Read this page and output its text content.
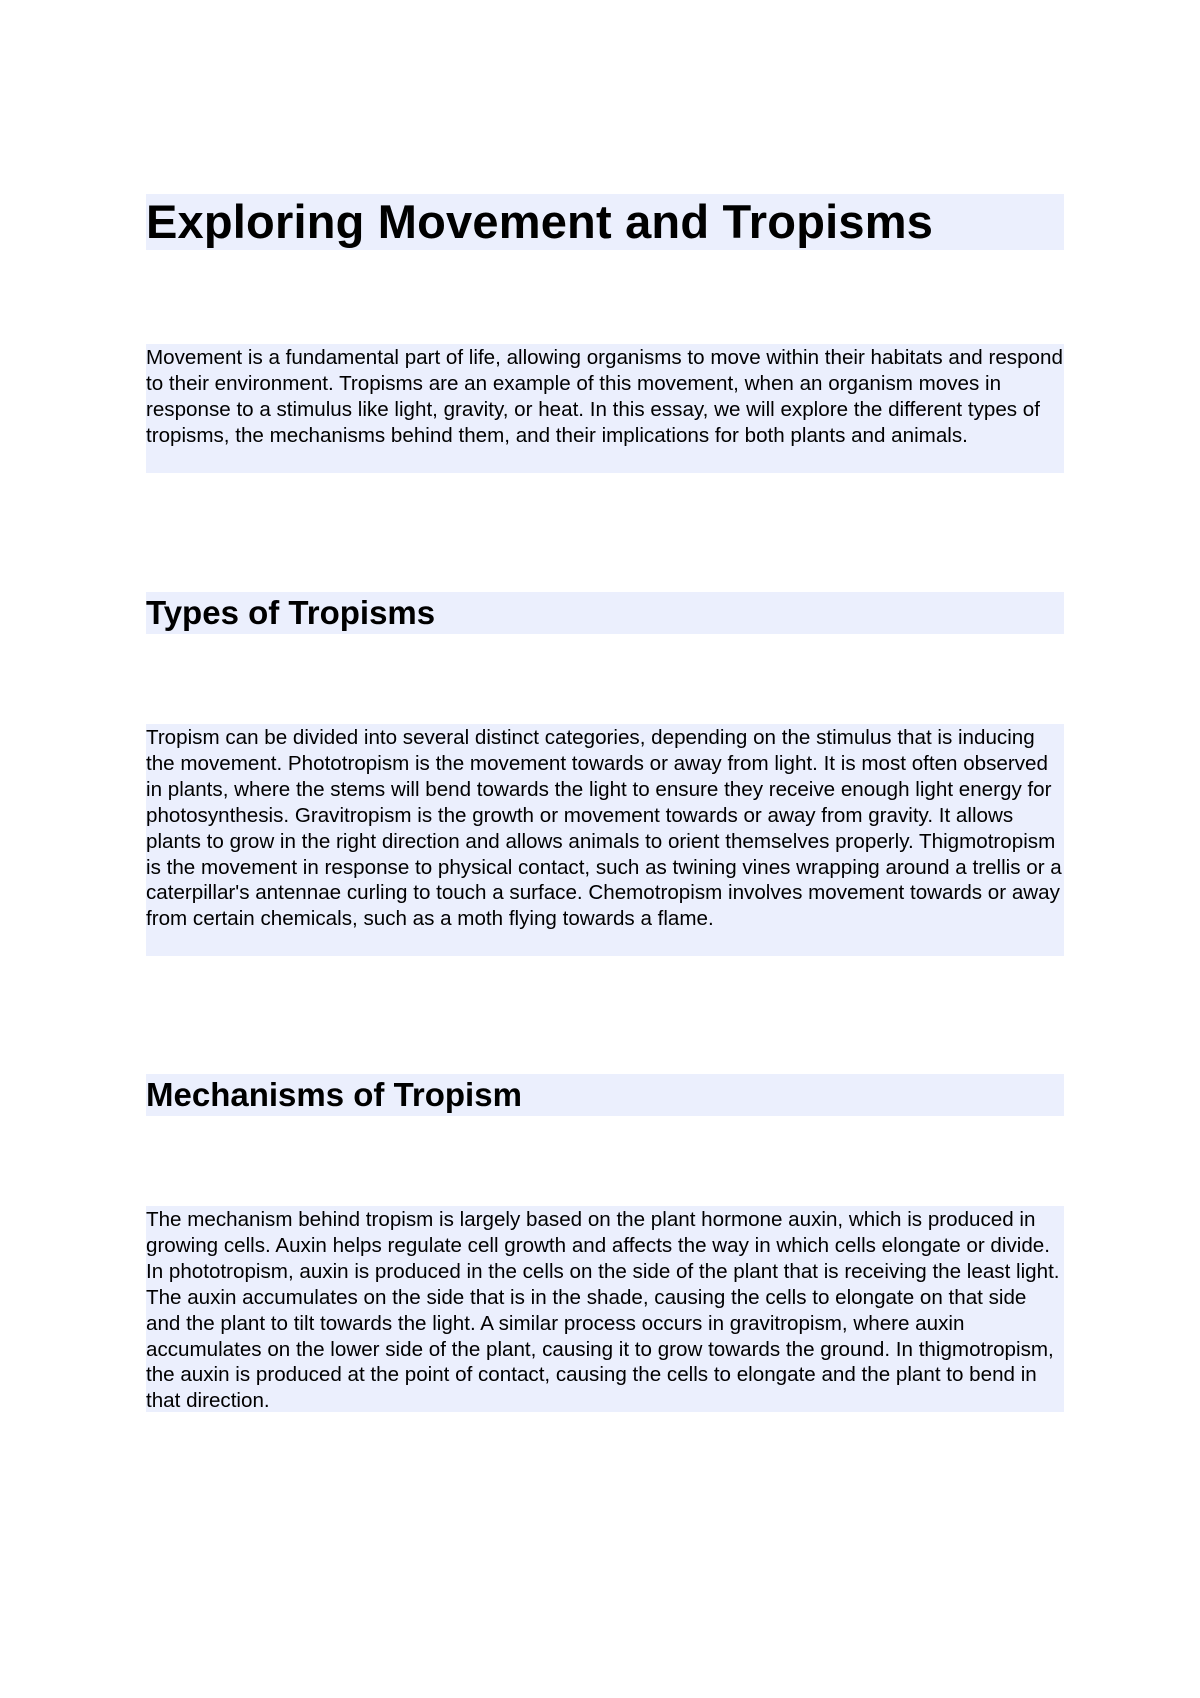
Exploring Movement and Tropisms

Movement is a fundamental part of life, allowing organisms to move within their habitats and respond to their environment. Tropisms are an example of this movement, when an organism moves in response to a stimulus like light, gravity, or heat. In this essay, we will explore the different types of tropisms, the mechanisms behind them, and their implications for both plants and animals.

Types of Tropisms

Tropism can be divided into several distinct categories, depending on the stimulus that is inducing the movement. Phototropism is the movement towards or away from light. It is most often observed in plants, where the stems will bend towards the light to ensure they receive enough light energy for photosynthesis. Gravitropism is the growth or movement towards or away from gravity. It allows plants to grow in the right direction and allows animals to orient themselves properly. Thigmotropism is the movement in response to physical contact, such as twining vines wrapping around a trellis or a caterpillar's antennae curling to touch a surface. Chemotropism involves movement towards or away from certain chemicals, such as a moth flying towards a flame.

Mechanisms of Tropism

The mechanism behind tropism is largely based on the plant hormone auxin, which is produced in growing cells. Auxin helps regulate cell growth and affects the way in which cells elongate or divide. In phototropism, auxin is produced in the cells on the side of the plant that is receiving the least light. The auxin accumulates on the side that is in the shade, causing the cells to elongate on that side and the plant to tilt towards the light. A similar process occurs in gravitropism, where auxin accumulates on the lower side of the plant, causing it to grow towards the ground. In thigmotropism, the auxin is produced at the point of contact, causing the cells to elongate and the plant to bend in that direction.
